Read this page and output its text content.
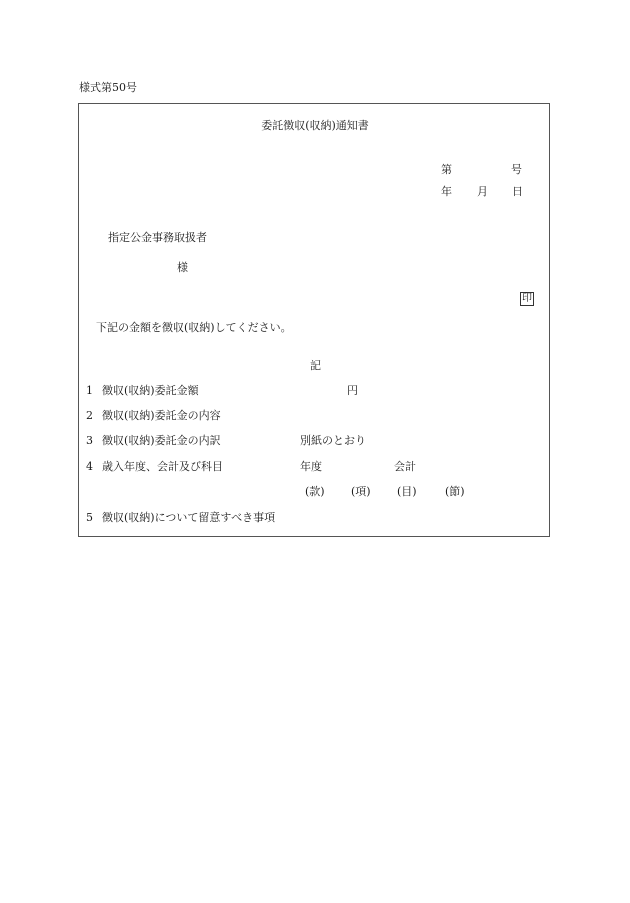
様式第50号
委託徴収(収納)通知書
第	号
年 月 日
指定公金事務取扱者
様
印
下記の金額を徴収(収納)してください。
記
1 徴収(収納)委託金額	円
2 徴収(収納)委託金の内容
3 徴収(収納)委託金の内訳	別紙のとおり
4 歳入年度、会計及び科目	年度	会計
(款) (項) (目)	(節)
5 徴収(収納)について留意すべき事項
